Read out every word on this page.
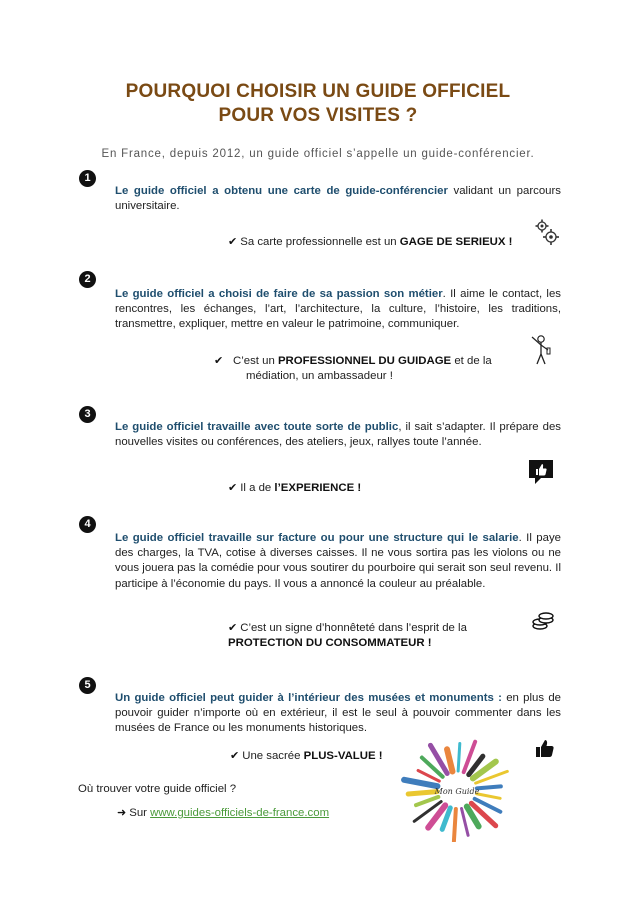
POURQUOI CHOISIR UN GUIDE OFFICIEL
POUR VOS VISITES ?
En France, depuis 2012, un guide officiel s’appelle un guide-conférencier.
1
Le guide officiel a obtenu une carte de guide-conférencier validant un parcours universitaire.
✔︎ Sa carte professionnelle est un GAGE DE SERIEUX !
2
Le guide officiel a choisi de faire de sa passion son métier. Il aime le contact, les rencontres, les échanges, l’art, l’architecture, la culture, l’histoire, les traditions, transmettre, expliquer, mettre en valeur le patrimoine, communiquer.
✔︎ C’est un PROFESSIONNEL DU GUIDAGE et de la médiation, un ambassadeur !
3
Le guide officiel travaille avec toute sorte de public, il sait s’adapter. Il prépare des nouvelles visites ou conférences, des ateliers, jeux, rallyes toute l’année.
✔︎ Il a de l’EXPERIENCE !
4
Le guide officiel travaille sur facture ou pour une structure qui le salarie. Il paye des charges, la TVA, cotise à diverses caisses. Il ne vous sortira pas les violons ou ne vous jouera pas la comédie pour vous soutirer du pourboire qui serait son seul revenu. Il participe à l’économie du pays. Il vous a annoncé la couleur au préalable.
✔︎ C’est un signe d’honnêteté dans l’esprit de la PROTECTION DU CONSOMMATEUR !
5
Un guide officiel peut guider à l’intérieur des musées et monuments : en plus de pouvoir guider n’importe où en extérieur, il est le seul à pouvoir commenter dans les musées de France ou les monuments historiques.
✔︎ Une sacrée PLUS-VALUE !
Où trouver votre guide officiel ?
➜ Sur www.guides-officiels-de-france.com
Mon Guide
